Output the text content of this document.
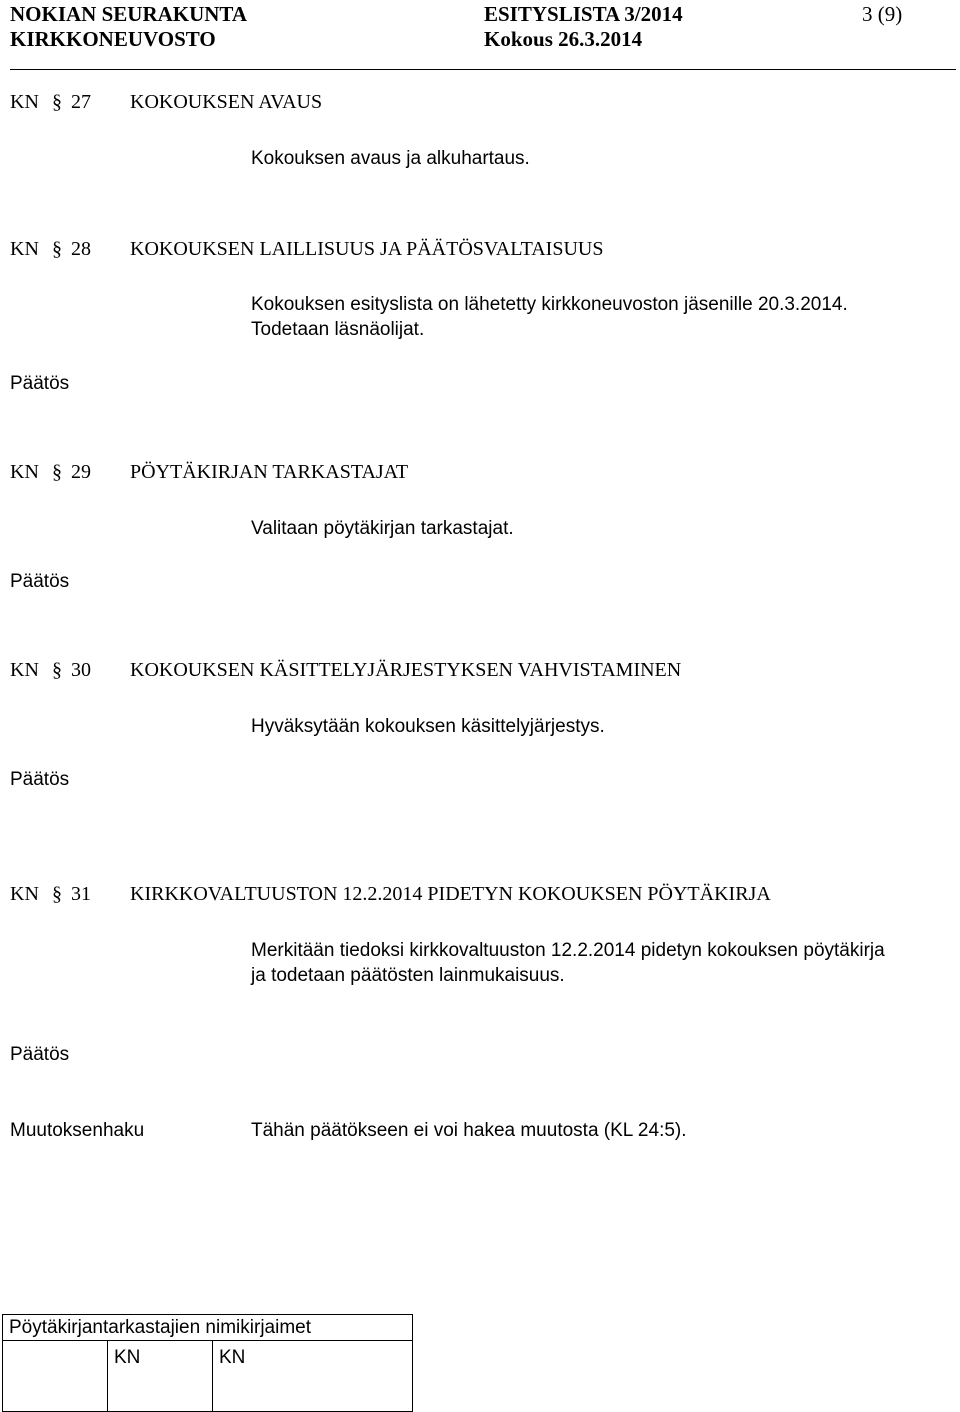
NOKIAN SEURAKUNTA
KIRKKONEUVOSTO
ESITYSLISTA 3/2014
Kokous 26.3.2014
3 (9)
KN § 27 KOKOUKSEN AVAUS
Kokouksen avaus ja alkuhartaus.
KN § 28 KOKOUKSEN LAILLISUUS JA PÄÄTÖSVALTAISUUS
Kokouksen esityslista on lähetetty kirkkoneuvoston jäsenille 20.3.2014.
Todetaan läsnäolijat.
Päätös
KN § 29 PÖYTÄKIRJAN TARKASTAJAT
Valitaan pöytäkirjan tarkastajat.
Päätös
KN § 30 KOKOUKSEN KÄSITTELYJÄRJESTYKSEN VAHVISTAMINEN
Hyväksytään kokouksen käsittelyjärjestys.
Päätös
KN § 31 KIRKKOVALTUUSTON 12.2.2014 PIDETYN KOKOUKSEN PÖYTÄKIRJA
Merkitään tiedoksi kirkkovaltuuston 12.2.2014 pidetyn kokouksen pöytäkirja
ja todetaan päätösten lainmukaisuus.
Päätös
Muutoksenhaku	Tähän päätökseen ei voi hakea muutosta (KL 24:5).
Pöytäkirjantarkastajien nimikirjaimet
	KN	KN
